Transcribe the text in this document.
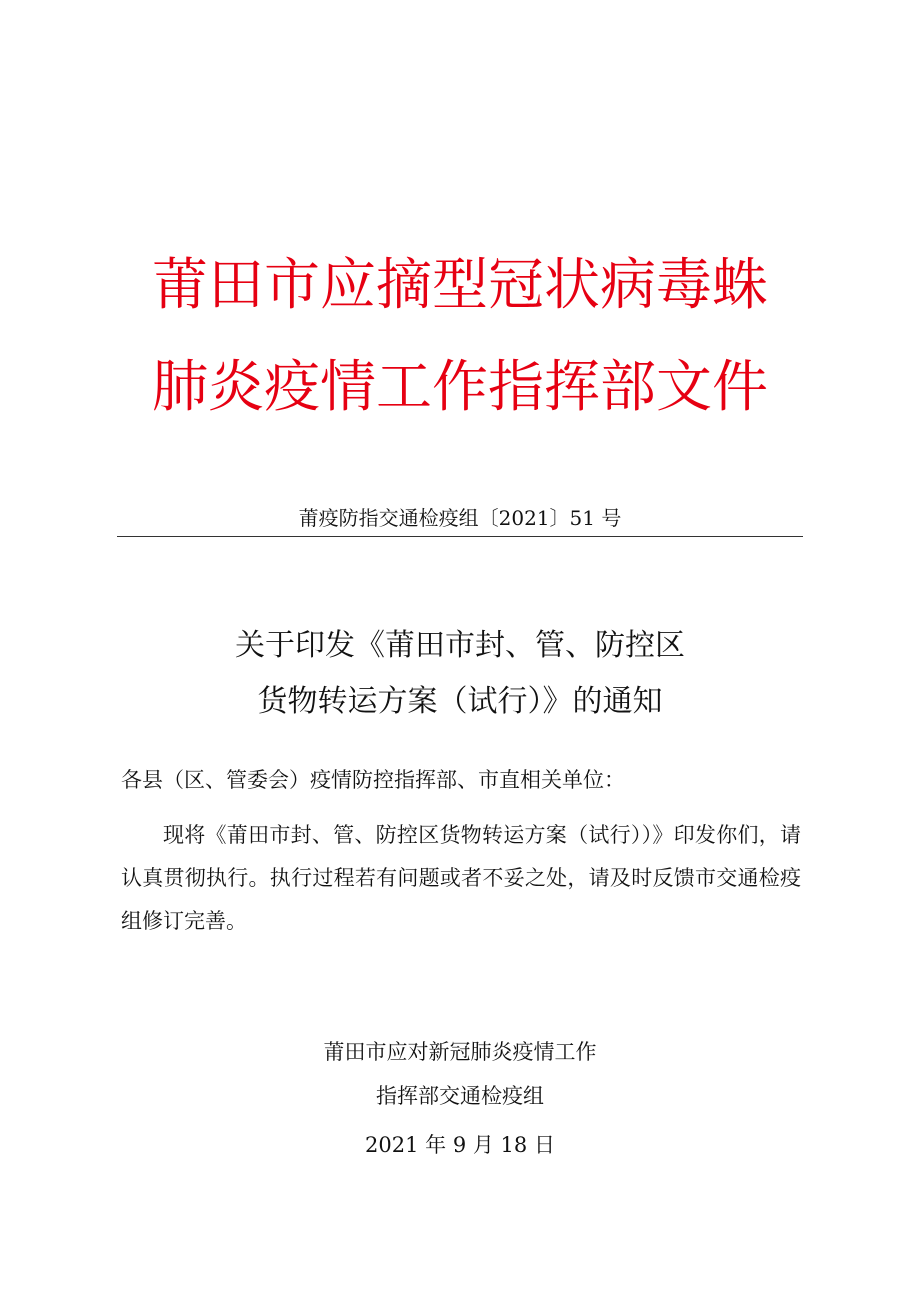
莆田市应摘型冠状病毒蛛
肺炎疫情工作指挥部文件
莆疫防指交通检疫组〔2021〕51 号
关于印发《莆田市封、管、防控区
货物转运方案（试行）》的通知
各县（区、管委会）疫情防控指挥部、市直相关单位：
现将《莆田市封、管、防控区货物转运方案（试行））》印发你们，请认真贯彻执行。执行过程若有问题或者不妥之处，请及时反馈市交通检疫组修订完善。
莆田市应对新冠肺炎疫情工作
指挥部交通检疫组
2021 年 9 月 18 日
